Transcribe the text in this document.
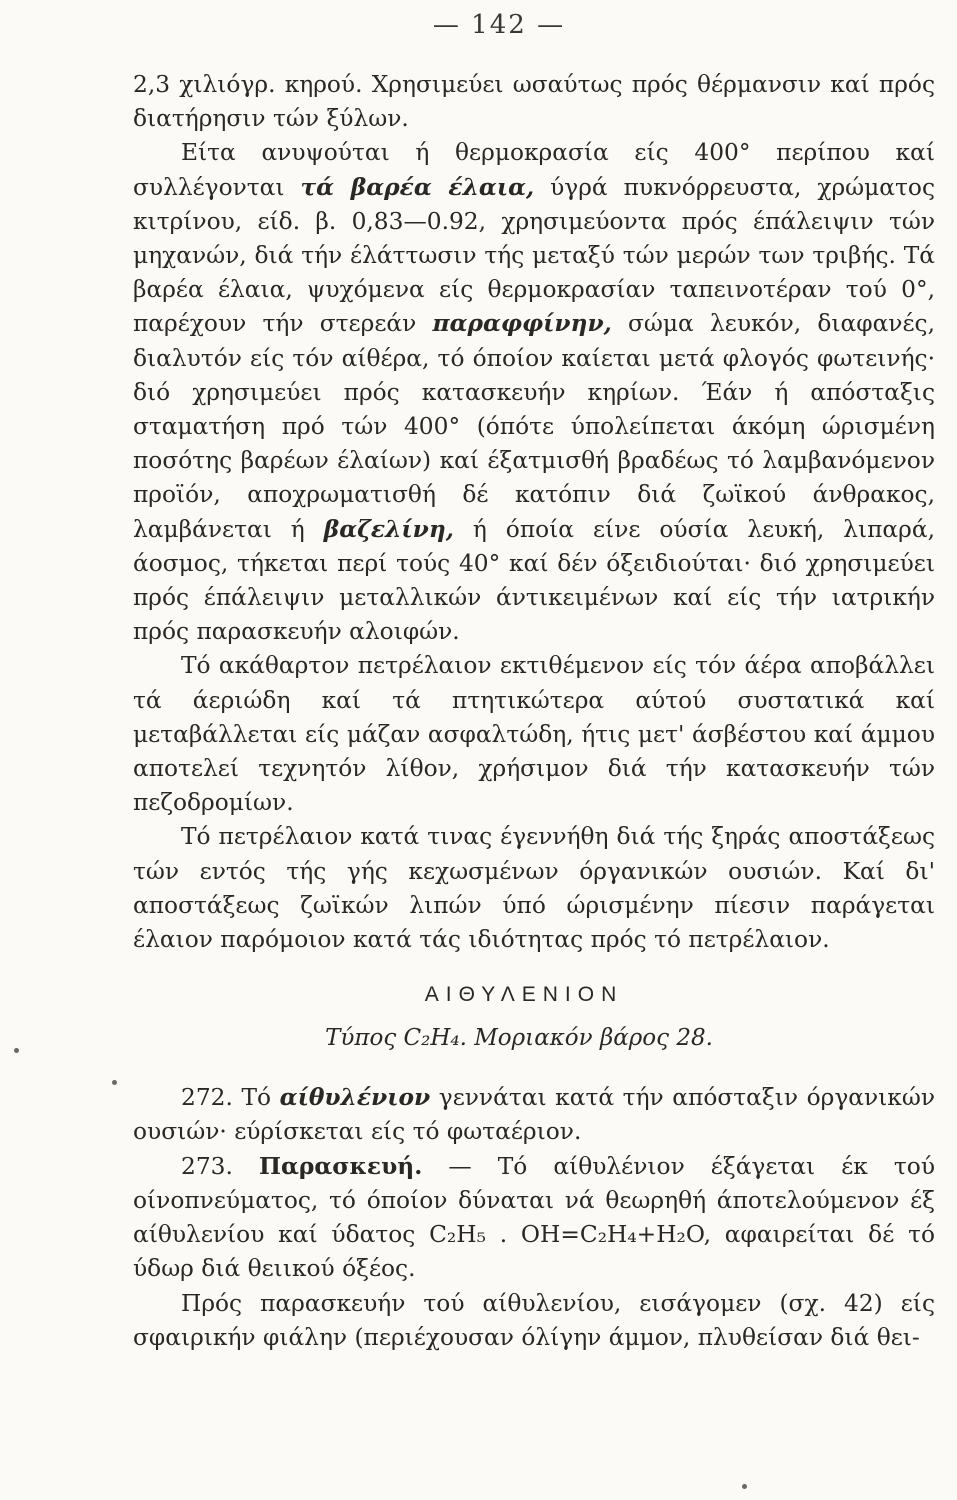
— 142 —

2,3 χιλιόγρ. κηρού. Χρησιμεύει ωσαύτως πρός θέρμανσιν καί πρός διατήρησιν τών ξύλων.

Είτα ανυψούται ή θερμοκρασία είς 400° περίπου καί συλλέγονται τά βαρέα έλαια, ύγρά πυκνόρρευστα, χρώματος κιτρίνου, είδ. β. 0,83—0.92, χρησιμεύοντα πρός έπάλειψιν τών μηχανών, διά τήν έλάττωσιν τής μεταξύ τών μερών των τριβής. Τά βαρέα έλαια, ψυχόμενα είς θερμοκρασίαν ταπεινοτέραν τού 0°, παρέχουν τήν στερεάν παραφφίνην, σώμα λευκόν, διαφανές, διαλυτόν είς τόν αίθέρα, τό όποίον καίεται μετά φλογός φωτεινής· διό χρησιμεύει πρός κατασκευήν κηρίων. Έάν ή απόσταξις σταματήση πρό τών 400° (όπότε ύπολείπεται άκόμη ώρισμένη ποσότης βαρέων έλαίων) καί έξατμισθή βραδέως τό λαμβανόμενον προϊόν, αποχρωματισθή δέ κατόπιν διά ζωϊκού άνθρακος, λαμβάνεται ή βαζελίνη, ή όποία είνε ούσία λευκή, λιπαρά, άοσμος, τήκεται περί τούς 40° καί δέν όξειδιούται· διό χρησιμεύει πρός έπάλειψιν μεταλλικών άντικειμένων καί είς τήν ιατρικήν πρός παρασκευήν αλοιφών.

Τό ακάθαρτον πετρέλαιον εκτιθέμενον είς τόν άέρα αποβάλλει τά άεριώδη καί τά πτητικώτερα αύτού συστατικά καί μεταβάλλεται είς μάζαν ασφαλτώδη, ήτις μετ' άσβέστου καί άμμου αποτελεί τεχνητόν λίθον, χρήσιμον διά τήν κατασκευήν τών πεζοδρομίων.

Τό πετρέλαιον κατά τινας έγεννήθη διά τής ξηράς αποστάξεως τών εντός τής γής κεχωσμένων όργανικών ουσιών. Καί δι' αποστάξεως ζωϊκών λιπών ύπό ώρισμένην πίεσιν παράγεται έλαιον παρόμοιον κατά τάς ιδιότητας πρός τό πετρέλαιον.

ΑΙΘΥΛΕΝΙΟΝ
Τύπος C₂H₄. Μοριακόν βάρος 28.

272. Τό αίθυλένιον γεννάται κατά τήν απόσταξιν όργανικών ουσιών· εύρίσκεται είς τό φωταέριον.

273. Παρασκευή. — Τό αίθυλένιον έξάγεται έκ τού οίνοπνεύματος, τό όποίον δύναται νά θεωρηθή άποτελούμενον έξ αίθυλενίου καί ύδατος C₂H₅ . OH=C₂H₄+H₂O, αφαιρείται δέ τό ύδωρ διά θειικού όξέος.

Πρός παρασκευήν τού αίθυλενίου, εισάγομεν (σχ. 42) είς σφαιρικήν φιάλην (περιέχουσαν όλίγην άμμον, πλυθείσαν διά θει-
